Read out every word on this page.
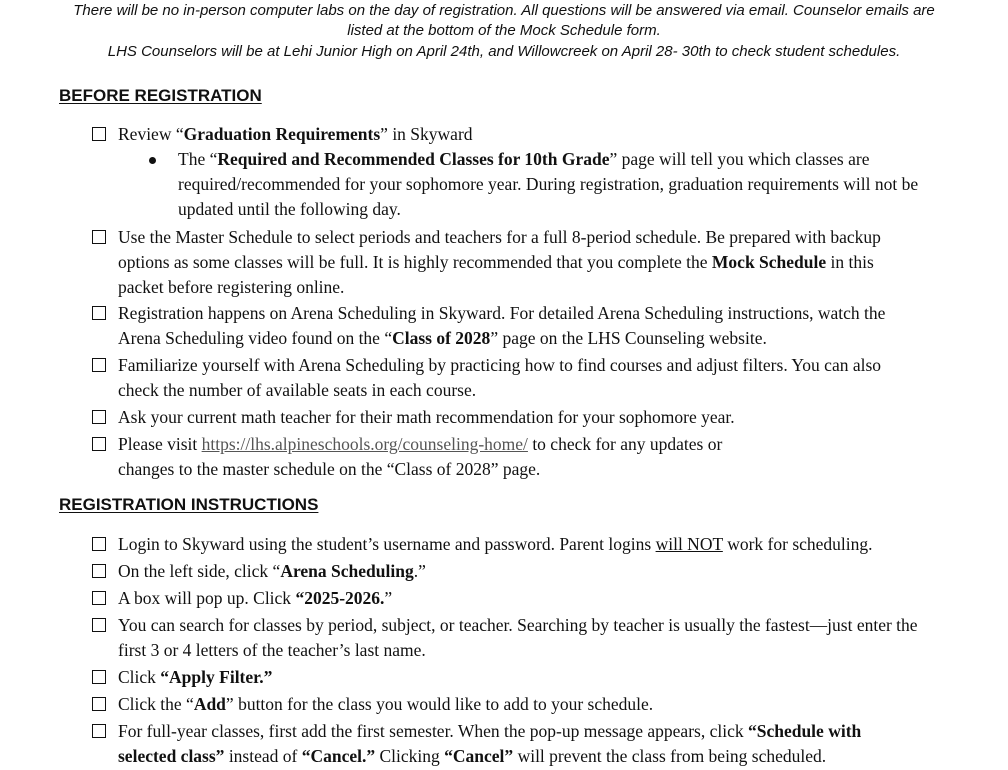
There will be no in-person computer labs on the day of registration. All questions will be answered via email. Counselor emails are
listed at the bottom of the Mock Schedule form.
LHS Counselors will be at Lehi Junior High on April 24th, and Willowcreek on April 28- 30th to check student schedules.
BEFORE REGISTRATION
Review “Graduation Requirements” in Skyward
The “Required and Recommended Classes for 10th Grade” page will tell you which classes are
required/recommended for your sophomore year. During registration, graduation requirements will not be
updated until the following day.
Use the Master Schedule to select periods and teachers for a full 8-period schedule. Be prepared with backup
options as some classes will be full. It is highly recommended that you complete the Mock Schedule in this
packet before registering online.
Registration happens on Arena Scheduling in Skyward. For detailed Arena Scheduling instructions, watch the
Arena Scheduling video found on the “Class of 2028” page on the LHS Counseling website.
Familiarize yourself with Arena Scheduling by practicing how to find courses and adjust filters. You can also
check the number of available seats in each course.
Ask your current math teacher for their math recommendation for your sophomore year.
Please visit https://lhs.alpineschools.org/counseling-home/ to check for any updates or
changes to the master schedule on the “Class of 2028” page.
REGISTRATION INSTRUCTIONS
Login to Skyward using the student’s username and password. Parent logins will NOT work for scheduling.
On the left side, click “Arena Scheduling.”
A box will pop up. Click “2025-2026.”
You can search for classes by period, subject, or teacher. Searching by teacher is usually the fastest—just enter the
first 3 or 4 letters of the teacher’s last name.
Click “Apply Filter.”
Click the “Add” button for the class you would like to add to your schedule.
For full-year classes, first add the first semester. When the pop-up message appears, click “Schedule with
selected class” instead of “Cancel.” Clicking “Cancel” will prevent the class from being scheduled.
